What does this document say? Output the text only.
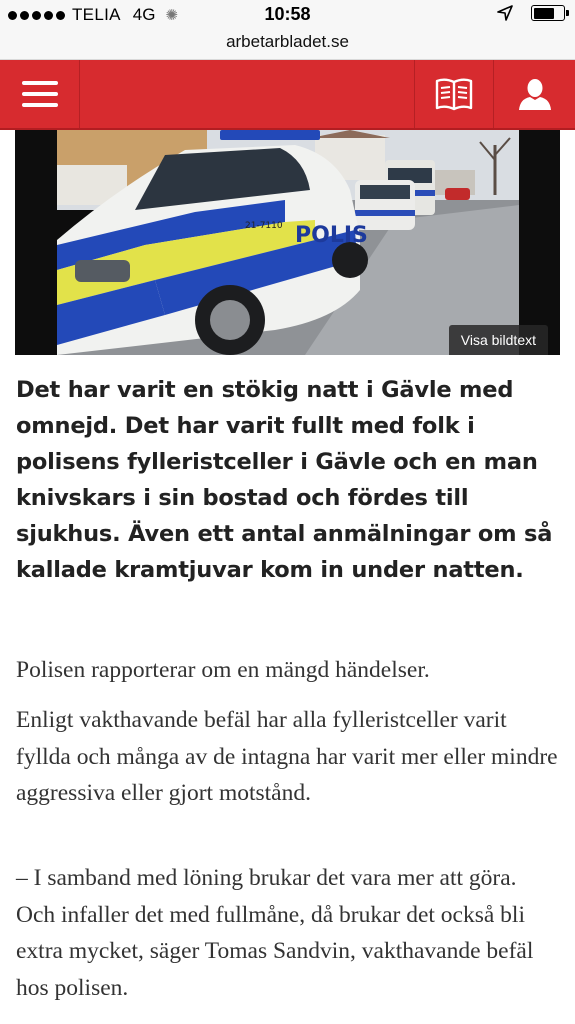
TELIA 4G ✺	10:58
arbetarbladet.se
POLIS
21-7110
Visa bildtext
Det har varit en stökig natt i Gävle med omnejd. Det har varit fullt med folk i polisens fylleristceller i Gävle och en man knivskars i sin bostad och fördes till sjukhus. Även ett antal anmälningar om så kallade kramtjuvar kom in under natten.

Polisen rapporterar om en mängd händelser.

Enligt vakthavande befäl har alla fylleristceller varit fyllda och många av de intagna har varit mer eller mindre aggressiva eller gjort motstånd.

– I samband med löning brukar det vara mer att göra. Och infaller det med fullmåne, då brukar det också bli extra mycket, säger Tomas Sandvin, vakthavande befäl hos polisen.
